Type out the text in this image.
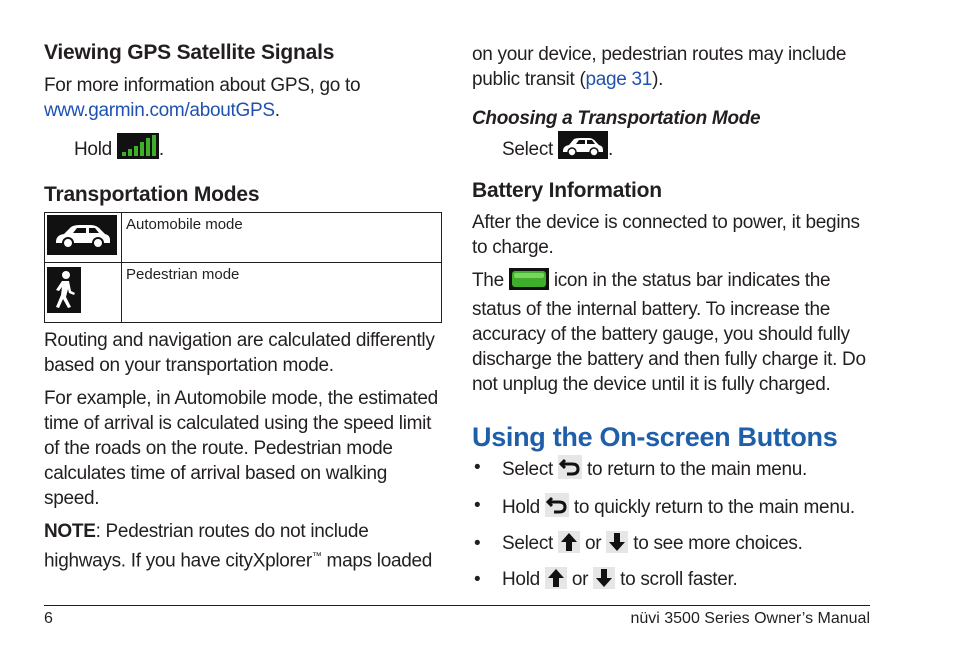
Viewing GPS Satellite Signals

For more information about GPS, go to
www.garmin.com/aboutGPS.

Hold .

Transportation Modes
	Automobile mode
	Pedestrian mode

Routing and navigation are calculated differently based on your transportation mode.

For example, in Automobile mode, the estimated time of arrival is calculated using the speed limit of the roads on the route. Pedestrian mode calculates time of arrival based on walking speed.

NOTE: Pedestrian routes do not include highways. If you have cityXplorer™ maps loaded

on your device, pedestrian routes may include public transit (page 31).

Choosing a Transportation Mode

Select	.

Battery Information

After the device is connected to power, it begins to charge.

The	icon in the status bar indicates the status of the internal battery. To increase the accuracy of the battery gauge, you should fully discharge the battery and then fully charge it. Do not unplug the device until it is fully charged.

Using the On-screen Buttons
• Select to return to the main menu.
• Hold to quickly return to the main menu.
• Select or to see more choices.
• Hold or to scroll faster.
6	nüvi 3500 Series Owner’s Manual
